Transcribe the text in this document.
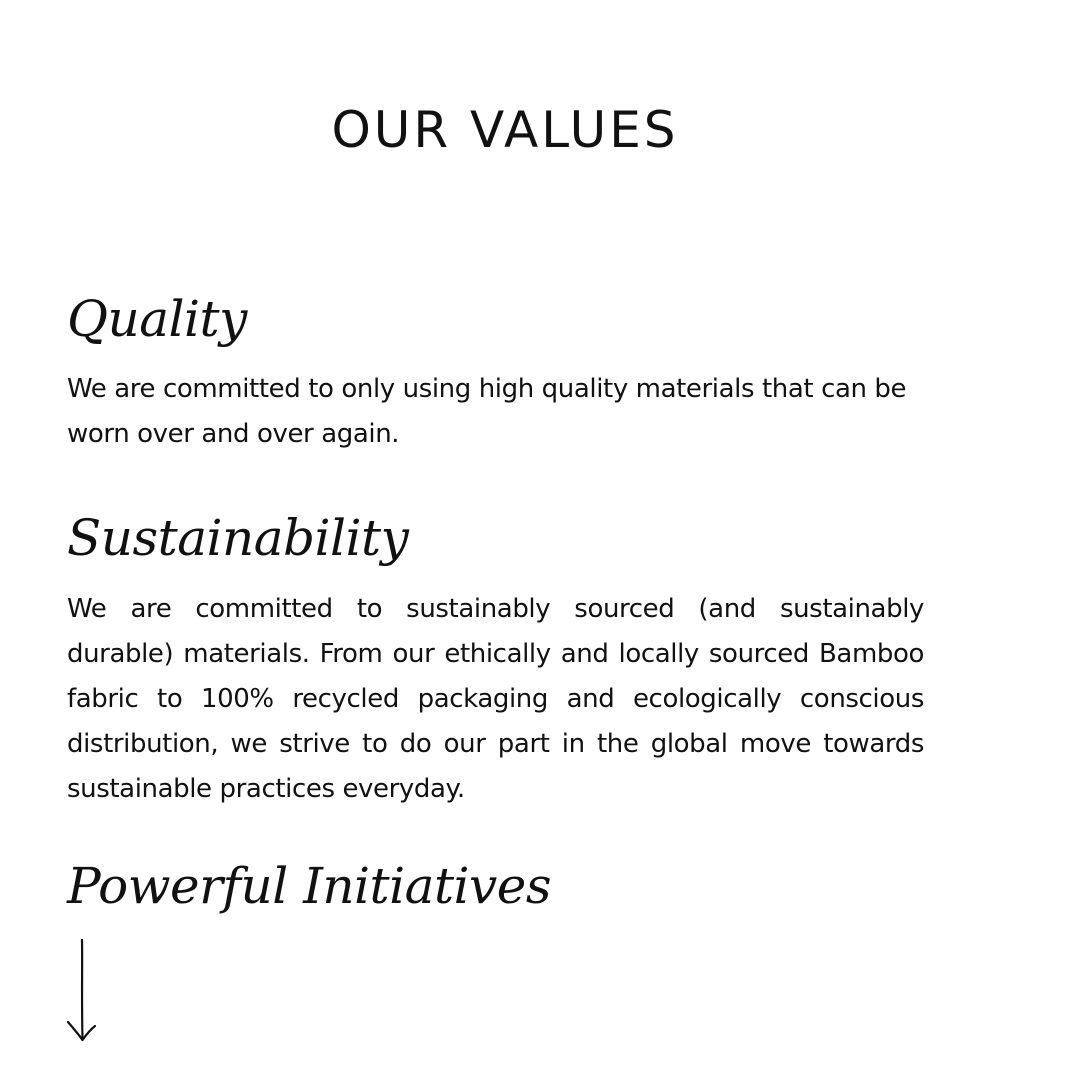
OUR VALUES
Quality

We are committed to only using high quality materials that can be worn over and over again.

Sustainability

We are committed to sustainably sourced (and sustainably durable) materials. From our ethically and locally sourced Bamboo fabric to 100% recycled packaging and ecologically conscious distribution, we strive to do our part in the global move towards sustainable practices everyday.

Powerful Initiatives
